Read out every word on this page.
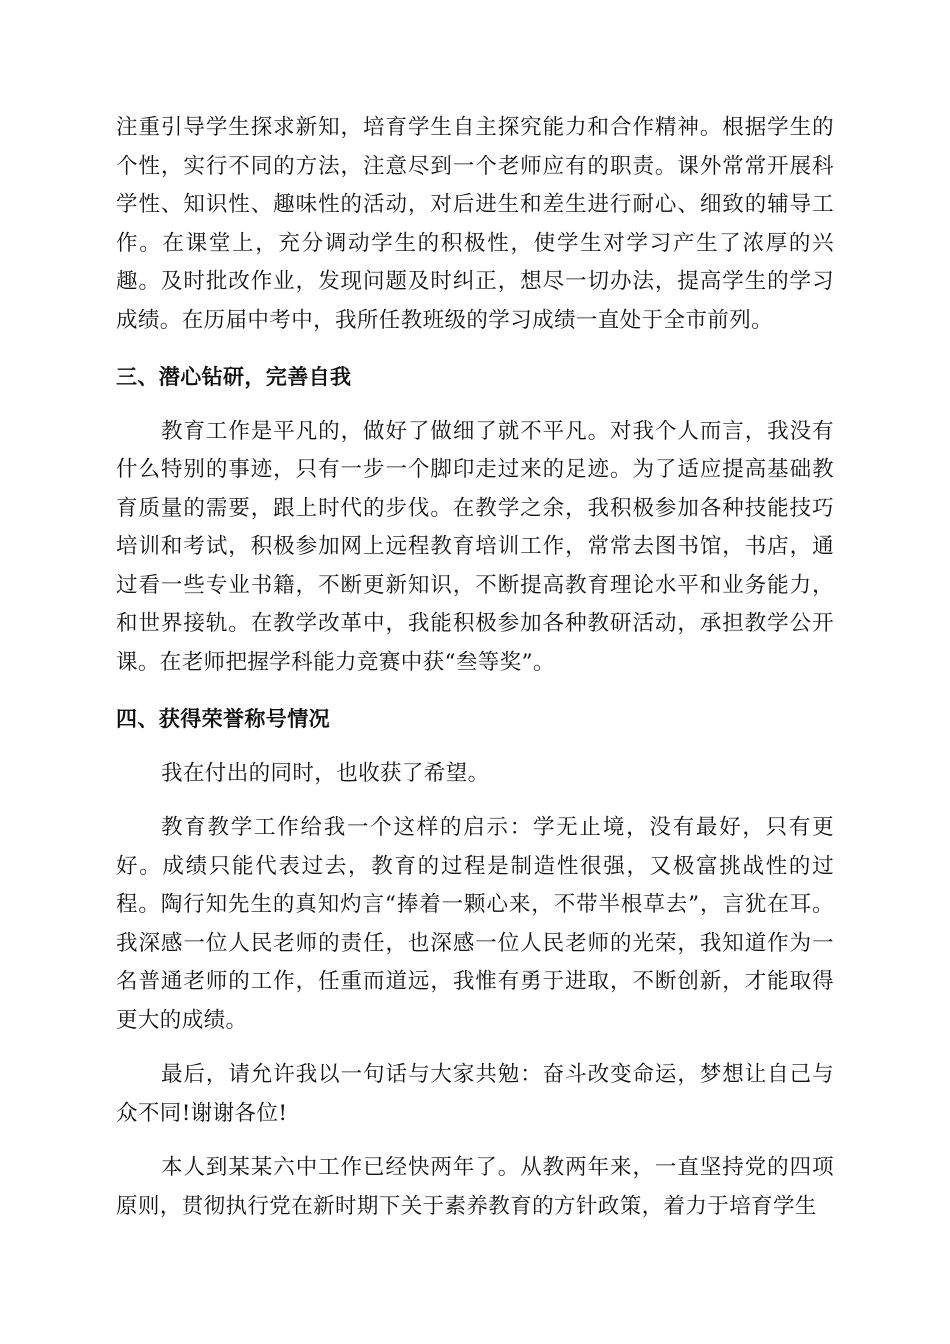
注重引导学生探求新知，培育学生自主探究能力和合作精神。根据学生的个性，实行不同的方法，注意尽到一个老师应有的职责。课外常常开展科学性、知识性、趣味性的活动，对后进生和差生进行耐心、细致的辅导工作。在课堂上，充分调动学生的积极性，使学生对学习产生了浓厚的兴趣。及时批改作业，发现问题及时纠正，想尽一切办法，提高学生的学习成绩。在历届中考中，我所任教班级的学习成绩一直处于全市前列。

三、潜心钻研，完善自我

教育工作是平凡的，做好了做细了就不平凡。对我个人而言，我没有什么特别的事迹，只有一步一个脚印走过来的足迹。为了适应提高基础教育质量的需要，跟上时代的步伐。在教学之余，我积极参加各种技能技巧培训和考试，积极参加网上远程教育培训工作，常常去图书馆，书店，通过看一些专业书籍，不断更新知识，不断提高教育理论水平和业务能力，和世界接轨。在教学改革中，我能积极参加各种教研活动，承担教学公开课。在老师把握学科能力竞赛中获“叁等奖”。

四、获得荣誉称号情况

我在付出的同时，也收获了希望。

教育教学工作给我一个这样的启示：学无止境，没有最好，只有更好。成绩只能代表过去，教育的过程是制造性很强，又极富挑战性的过程。陶行知先生的真知灼言“捧着一颗心来，不带半根草去”，言犹在耳。我深感一位人民老师的责任，也深感一位人民老师的光荣，我知道作为一名普通老师的工作，任重而道远，我惟有勇于进取，不断创新，才能取得更大的成绩。

最后，请允许我以一句话与大家共勉：奋斗改变命运，梦想让自己与众不同!谢谢各位!

本人到某某六中工作已经快两年了。从教两年来，一直坚持党的四项原则，贯彻执行党在新时期下关于素养教育的方针政策，着力于培育学生
